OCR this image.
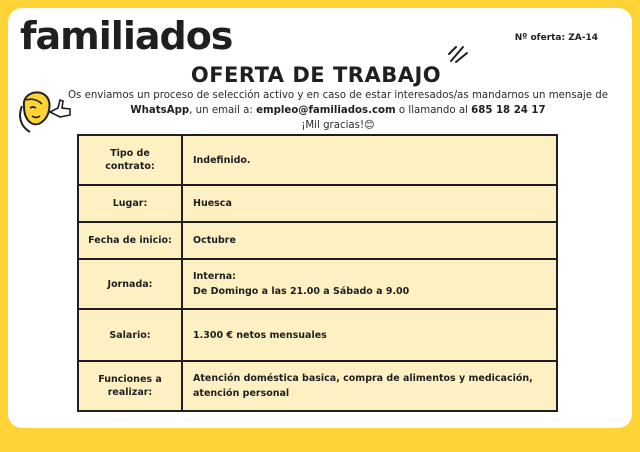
familiados	Nº oferta: ZA-14
OFERTA DE TRABAJO
Os enviamos un proceso de selección activo y en caso de estar interesados/as mandarnos un mensaje de
WhatsApp, un email a: empleo@familiados.com o llamando al 685 18 24 17
¡Mil gracias!😊
Tipo de contrato:	Indefinido.
Lugar:	Huesca
Fecha de inicio:	Octubre
Jornada:	Interna:
De Domingo a las 21.00 a Sábado a 9.00

Salario:	1.300 € netos mensuales
Funciones a realizar:	Atención doméstica basica, compra de alimentos y medicación,
atención personal
